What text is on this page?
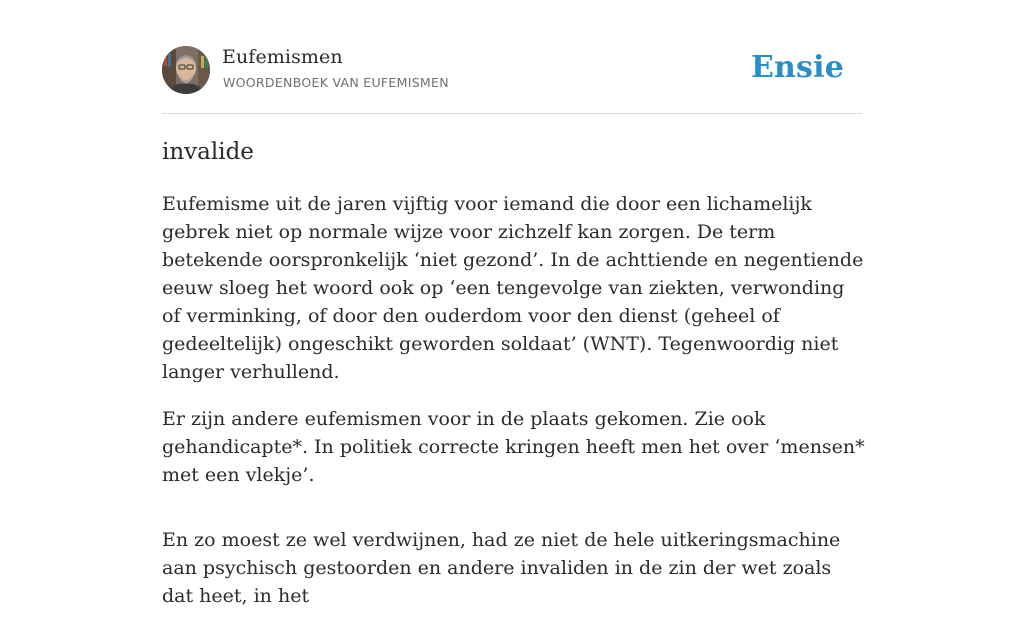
Eufemismen
WOORDENBOEK VAN EUFEMISMEN	Ensie
invalide

Eufemisme uit de jaren vijftig voor iemand die door een lichamelijk gebrek niet op normale wijze voor zichzelf kan zorgen. De term betekende oorspronkelijk ‘niet gezond’. In de achttiende en negentiende eeuw sloeg het woord ook op ‘een tengevolge van ziekten, verwonding of verminking, of door den ouderdom voor den dienst (geheel of gedeeltelijk) ongeschikt geworden soldaat’ (WNT). Tegenwoordig niet langer verhullend.

Er zijn andere eufemismen voor in de plaats gekomen. Zie ook gehandicapte*. In politiek correcte kringen heeft men het over ‘mensen* met een vlekje’.

En zo moest ze wel verdwijnen, had ze niet de hele uitkeringsmachine aan psychisch gestoorden en andere invaliden in de zin der wet zoals dat heet, in het
